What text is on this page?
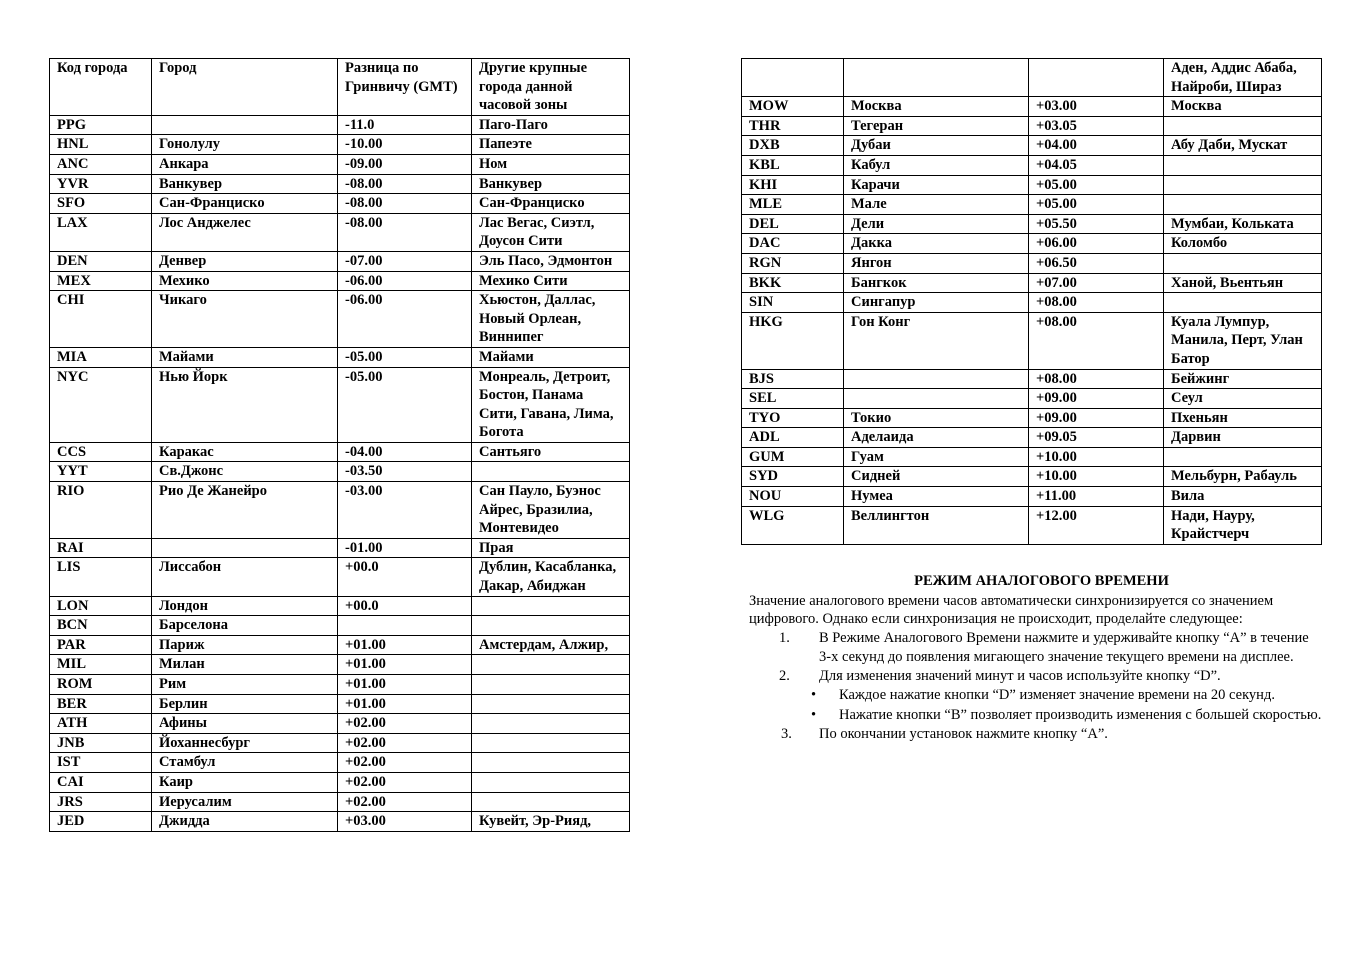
Код города	Город	Разница по Гринвичу (GMT)	Другие крупные города данной часовой зоны
PPG		-11.0	Паго-Паго
HNL	Гонолулу	-10.00	Папеэте
ANC	Анкара	-09.00	Ном
YVR	Ванкувер	-08.00	Ванкувер
SFO	Сан-Франциско	-08.00	Сан-Франциско
LAX	Лос Анджелес	-08.00	Лас Вегас, Сиэтл, Доусон Сити
DEN	Денвер	-07.00	Эль Пасо, Эдмонтон
MEX	Мехико	-06.00	Мехико Сити
CHI	Чикаго	-06.00	Хьюстон, Даллас, Новый Орлеан, Виннипег
MIA	Майами	-05.00	Майами
NYC	Нью Йорк	-05.00	Монреаль, Детроит, Бостон, Панама Сити, Гавана, Лима, Богота
CCS	Каракас	-04.00	Сантьяго
YYT	Св.Джонс	-03.50	
RIO	Рио Де Жанейро	-03.00	Сан Пауло, Буэнос Айрес, Бразилиа, Монтевидео
RAI		-01.00	Прая
LIS	Лиссабон	+00.0	Дублин, Касабланка, Дакар, Абиджан
LON	Лондон	+00.0	
BCN	Барселона		
PAR	Париж	+01.00	Амстердам, Алжир,
MIL	Милан	+01.00	
ROM	Рим	+01.00	
BER	Берлин	+01.00	
ATH	Афины	+02.00	
JNB	Йоханнесбург	+02.00	
IST	Стамбул	+02.00	
CAI	Каир	+02.00	
JRS	Иерусалим	+02.00	
JED	Джидда	+03.00	Кувейт, Эр-Рияд,
			Аден, Аддис Абаба, Найроби, Шираз
MOW	Москва	+03.00	Москва
THR	Тегеран	+03.05	
DXB	Дубаи	+04.00	Абу Даби, Мускат
KBL	Кабул	+04.05	
KHI	Карачи	+05.00	
MLE	Мале	+05.00	
DEL	Дели	+05.50	Мумбаи, Кольката
DAC	Дакка	+06.00	Коломбо
RGN	Янгон	+06.50	
BKK	Бангкок	+07.00	Ханой, Вьентьян
SIN	Сингапур	+08.00	
HKG	Гон Конг	+08.00	Куала Лумпур, Манила, Перт, Улан Батор
BJS		+08.00	Бейжинг
SEL		+09.00	Сеул
TYO	Токио	+09.00	Пхеньян
ADL	Аделаида	+09.05	Дарвин
GUM	Гуам	+10.00	
SYD	Сидней	+10.00	Мельбурн, Рабауль
NOU	Нумеа	+11.00	Вила
WLG	Веллингтон	+12.00	Нади, Науру, Крайстчерч
РЕЖИМ АНАЛОГОВОГО ВРЕМЕНИ

Значение аналогового времени часов автоматически синхронизируется со значением цифрового. Однако если синхронизация не происходит, проделайте следующее:

1. В Режиме Аналогового Времени нажмите и удерживайте кнопку “A” в течение 3-х секунд до появления мигающего значение текущего времени на дисплее.
2. Для изменения значений минут и часов используйте кнопку “D”.
•	Каждое нажатие кнопки “D” изменяет значение времени на 20 секунд.
•	Нажатие кнопки “B” позволяет производить изменения с большей скоростью.
3. По окончании установок нажмите кнопку “A”.
